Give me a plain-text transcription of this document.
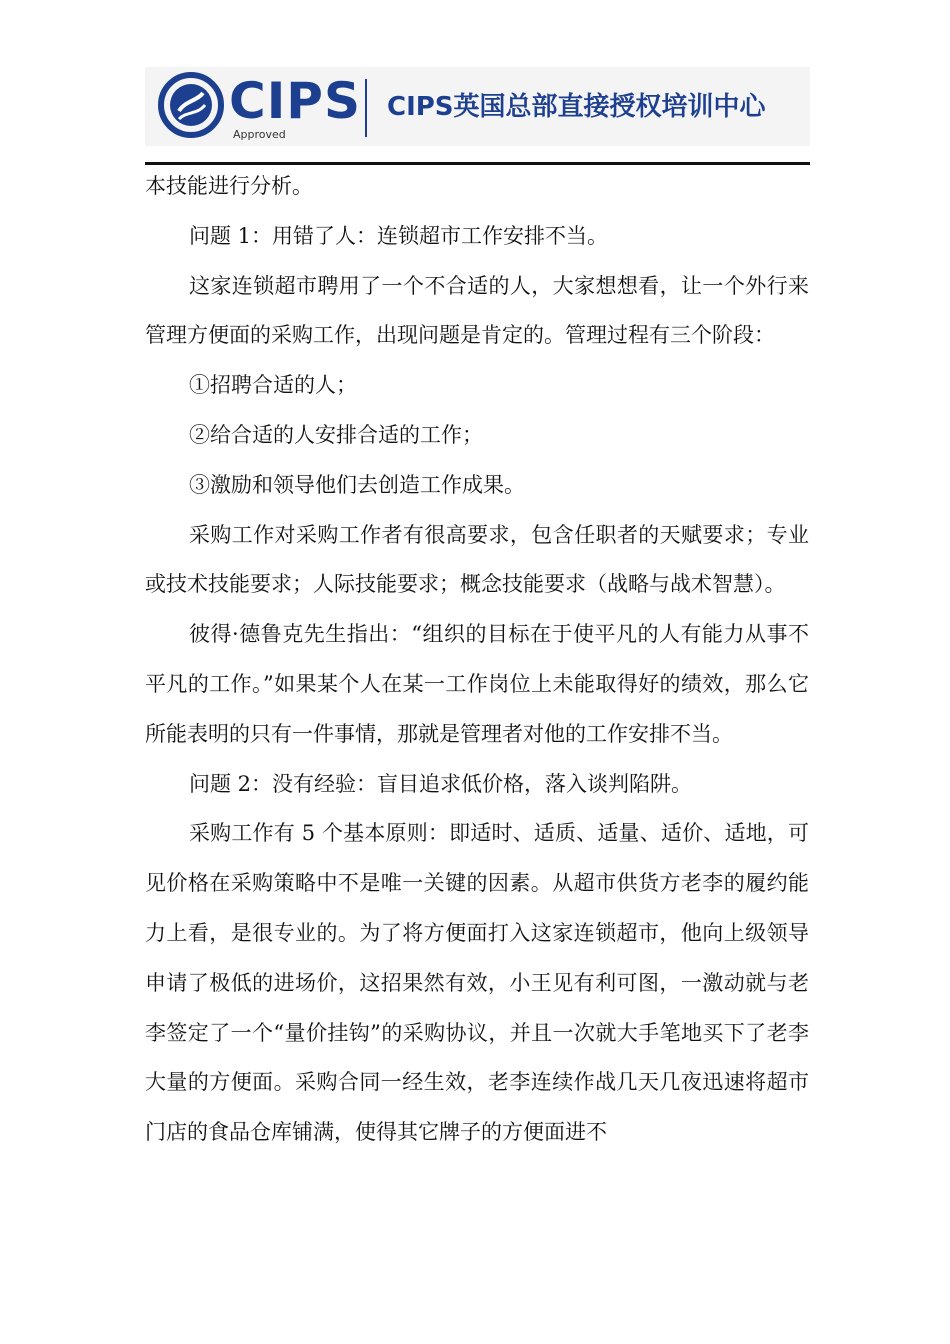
CIPS
Approved
CIPS英国总部直接授权培训中心

本技能进行分析。

问题 1：用错了人：连锁超市工作安排不当。

这家连锁超市聘用了一个不合适的人，大家想想看，让一个外行来管理方便面的采购工作，出现问题是肯定的。管理过程有三个阶段：

①招聘合适的人；

②给合适的人安排合适的工作；

③激励和领导他们去创造工作成果。

采购工作对采购工作者有很高要求，包含任职者的天赋要求；专业或技术技能要求；人际技能要求；概念技能要求（战略与战术智慧）。

彼得·德鲁克先生指出：“组织的目标在于使平凡的人有能力从事不平凡的工作。”如果某个人在某一工作岗位上未能取得好的绩效，那么它所能表明的只有一件事情，那就是管理者对他的工作安排不当。

问题 2：没有经验：盲目追求低价格，落入谈判陷阱。

采购工作有 5 个基本原则：即适时、适质、适量、适价、适地，可见价格在采购策略中不是唯一关键的因素。从超市供货方老李的履约能力上看，是很专业的。为了将方便面打入这家连锁超市，他向上级领导申请了极低的进场价，这招果然有效，小王见有利可图，一激动就与老李签定了一个“量价挂钩”的采购协议，并且一次就大手笔地买下了老李大量的方便面。采购合同一经生效，老李连续作战几天几夜迅速将超市门店的食品仓库铺满，使得其它牌子的方便面进不
